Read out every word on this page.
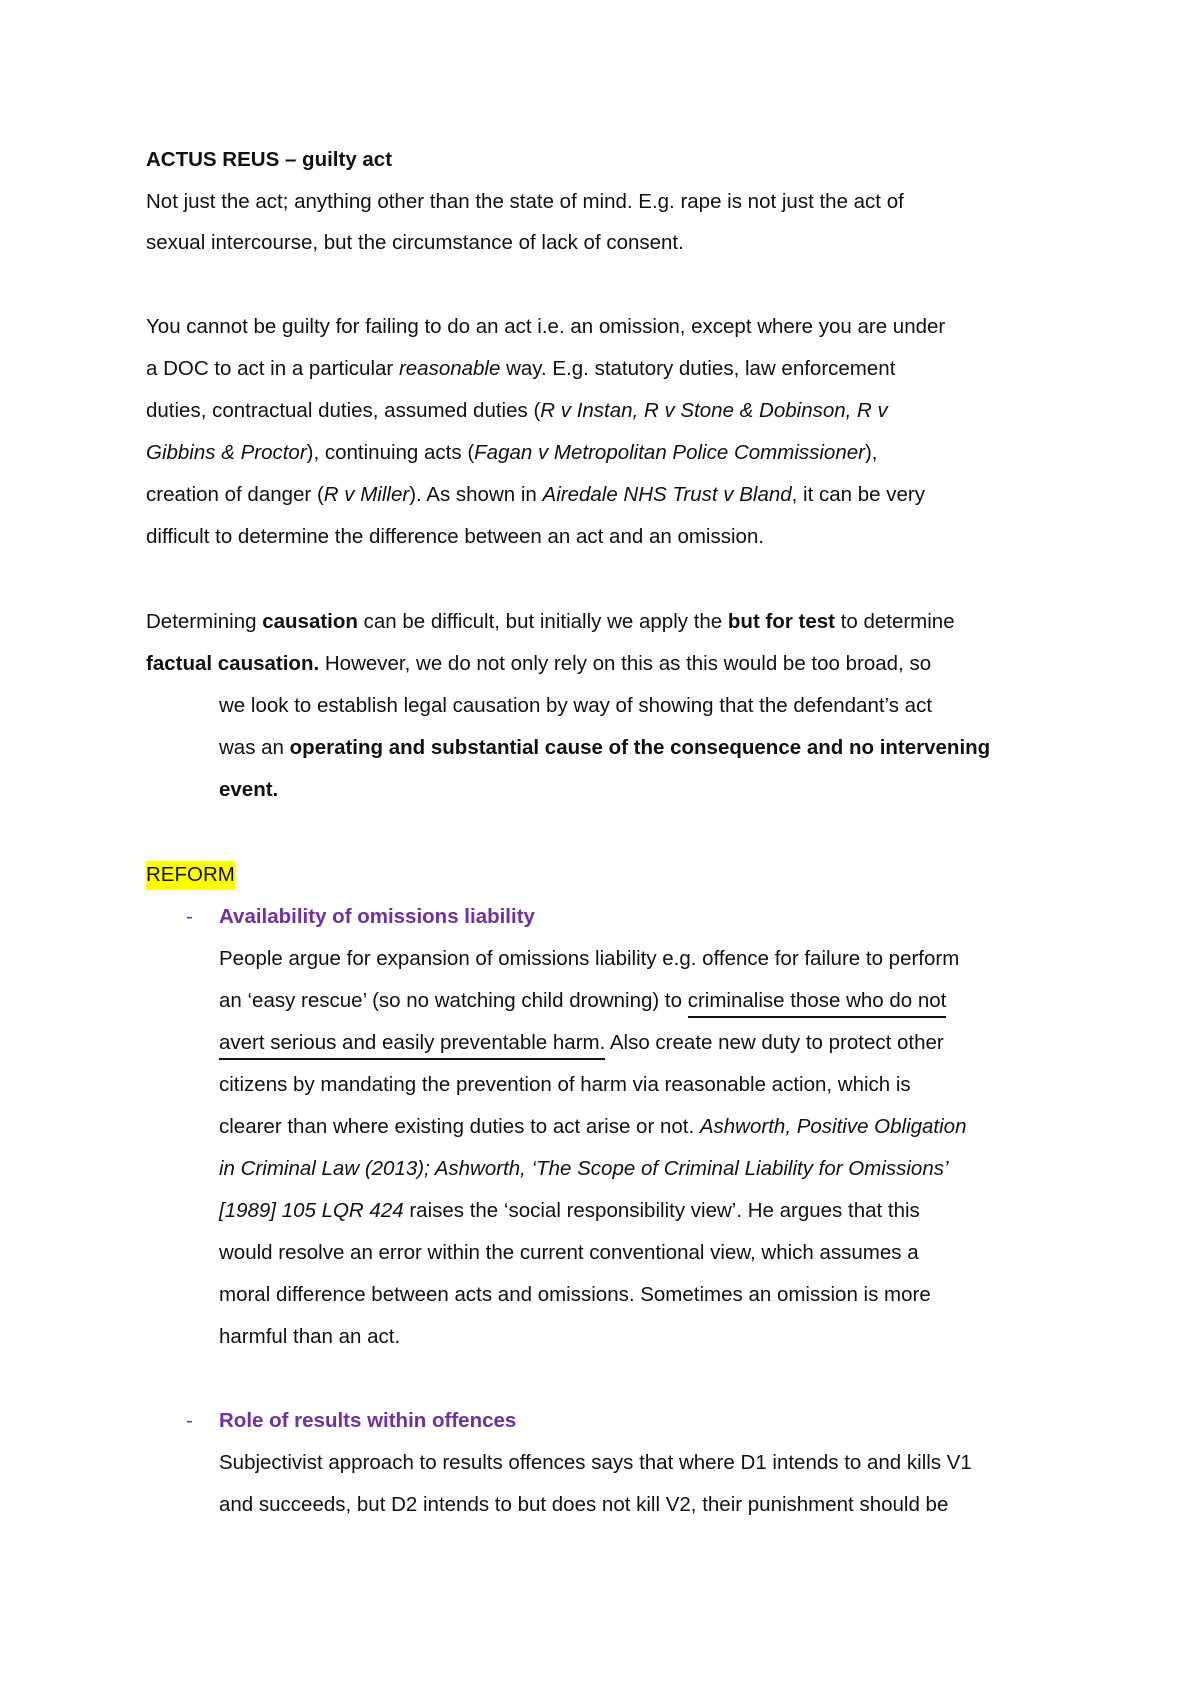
ACTUS REUS – guilty act
Not just the act; anything other than the state of mind. E.g. rape is not just the act of
sexual intercourse, but the circumstance of lack of consent.
You cannot be guilty for failing to do an act i.e. an omission, except where you are under
a DOC to act in a particular reasonable way. E.g. statutory duties, law enforcement
duties, contractual duties, assumed duties (R v Instan, R v Stone & Dobinson, R v
Gibbins & Proctor), continuing acts (Fagan v Metropolitan Police Commissioner),
creation of danger (R v Miller). As shown in Airedale NHS Trust v Bland, it can be very
difficult to determine the difference between an act and an omission.
Determining causation can be difficult, but initially we apply the but for test to determine
factual causation. However, we do not only rely on this as this would be too broad, so
we look to establish legal causation by way of showing that the defendant’s act
was an operating and substantial cause of the consequence and no intervening
event.
REFORM
- Availability of omissions liability
People argue for expansion of omissions liability e.g. offence for failure to perform
an ‘easy rescue’ (so no watching child drowning) to criminalise those who do not
avert serious and easily preventable harm. Also create new duty to protect other
citizens by mandating the prevention of harm via reasonable action, which is
clearer than where existing duties to act arise or not. Ashworth, Positive Obligation
in Criminal Law (2013); Ashworth, ‘The Scope of Criminal Liability for Omissions’
[1989] 105 LQR 424 raises the ‘social responsibility view’. He argues that this
would resolve an error within the current conventional view, which assumes a
moral difference between acts and omissions. Sometimes an omission is more
harmful than an act.
- Role of results within offences
Subjectivist approach to results offences says that where D1 intends to and kills V1
and succeeds, but D2 intends to but does not kill V2, their punishment should be
